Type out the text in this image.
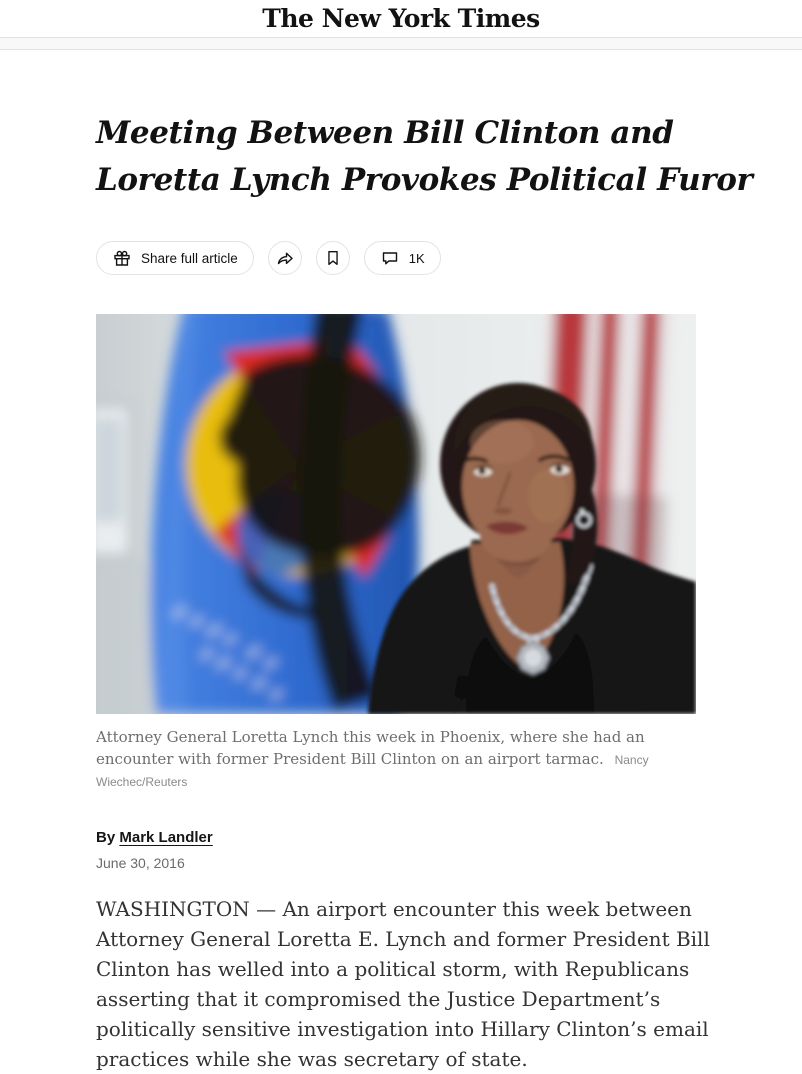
The New York Times
Meeting Between Bill Clinton and
Loretta Lynch Provokes Political Furor
Share full article	1K
Attorney General Loretta Lynch this week in Phoenix, where she had an encounter with former President Bill Clinton on an airport tarmac. Nancy Wiechec/Reuters
By Mark Landler
June 30, 2016

WASHINGTON — An airport encounter this week between Attorney General Loretta E. Lynch and former President Bill Clinton has welled into a political storm, with Republicans asserting that it compromised the Justice Department’s politically sensitive investigation into Hillary Clinton’s email practices while she was secretary of state.
